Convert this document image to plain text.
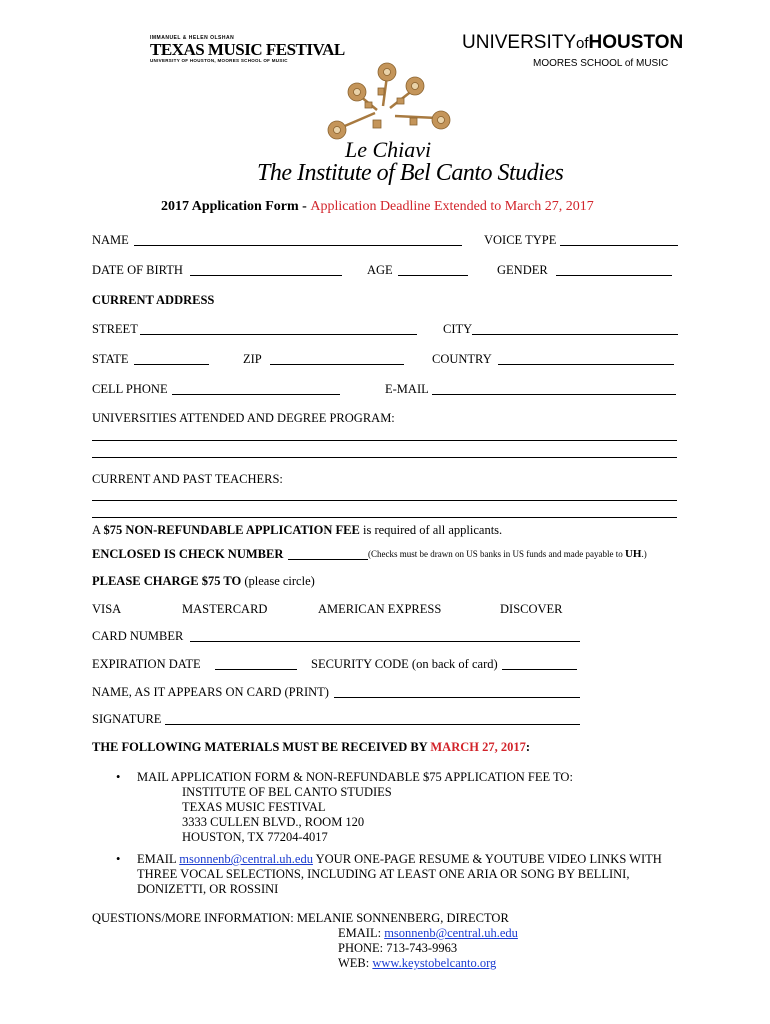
IMMANUEL & HELEN OLSHAN
TEXAS MUSIC FESTIVAL
UNIVERSITY OF HOUSTON, MOORES SCHOOL OF MUSIC
UNIVERSITYofHOUSTON
MOORES SCHOOL of MUSIC
Le Chiavi
The Institute of Bel Canto Studies
2017 Application Form - Application Deadline Extended to March 27, 2017
NAME	VOICE TYPE
DATE OF BIRTH	AGE	GENDER
CURRENT ADDRESS
STREET	CITY
STATE	ZIP	COUNTRY
CELL PHONE	E-MAIL
UNIVERSITIES ATTENDED AND DEGREE PROGRAM:
CURRENT AND PAST TEACHERS:
A $75 NON-REFUNDABLE APPLICATION FEE is required of all applicants.
ENCLOSED IS CHECK NUMBER	(Checks must be drawn on US banks in US funds and made payable to UH.)
PLEASE CHARGE $75 TO (please circle)
VISA	MASTERCARD	AMERICAN EXPRESS	DISCOVER
CARD NUMBER
EXPIRATION DATE	SECURITY CODE (on back of card)
NAME, AS IT APPEARS ON CARD (PRINT)
SIGNATURE
THE FOLLOWING MATERIALS MUST BE RECEIVED BY MARCH 27, 2017:
• MAIL APPLICATION FORM & NON-REFUNDABLE $75 APPLICATION FEE TO:
INSTITUTE OF BEL CANTO STUDIES
TEXAS MUSIC FESTIVAL
3333 CULLEN BLVD., ROOM 120
HOUSTON, TX 77204-4017
• EMAIL msonnenb@central.uh.edu YOUR ONE-PAGE RESUME & YOUTUBE VIDEO LINKS WITH
THREE VOCAL SELECTIONS, INCLUDING AT LEAST ONE ARIA OR SONG BY BELLINI,
DONIZETTI, OR ROSSINI
QUESTIONS/MORE INFORMATION: MELANIE SONNENBERG, DIRECTOR
EMAIL: msonnenb@central.uh.edu
PHONE: 713-743-9963
WEB: www.keystobelcanto.org
